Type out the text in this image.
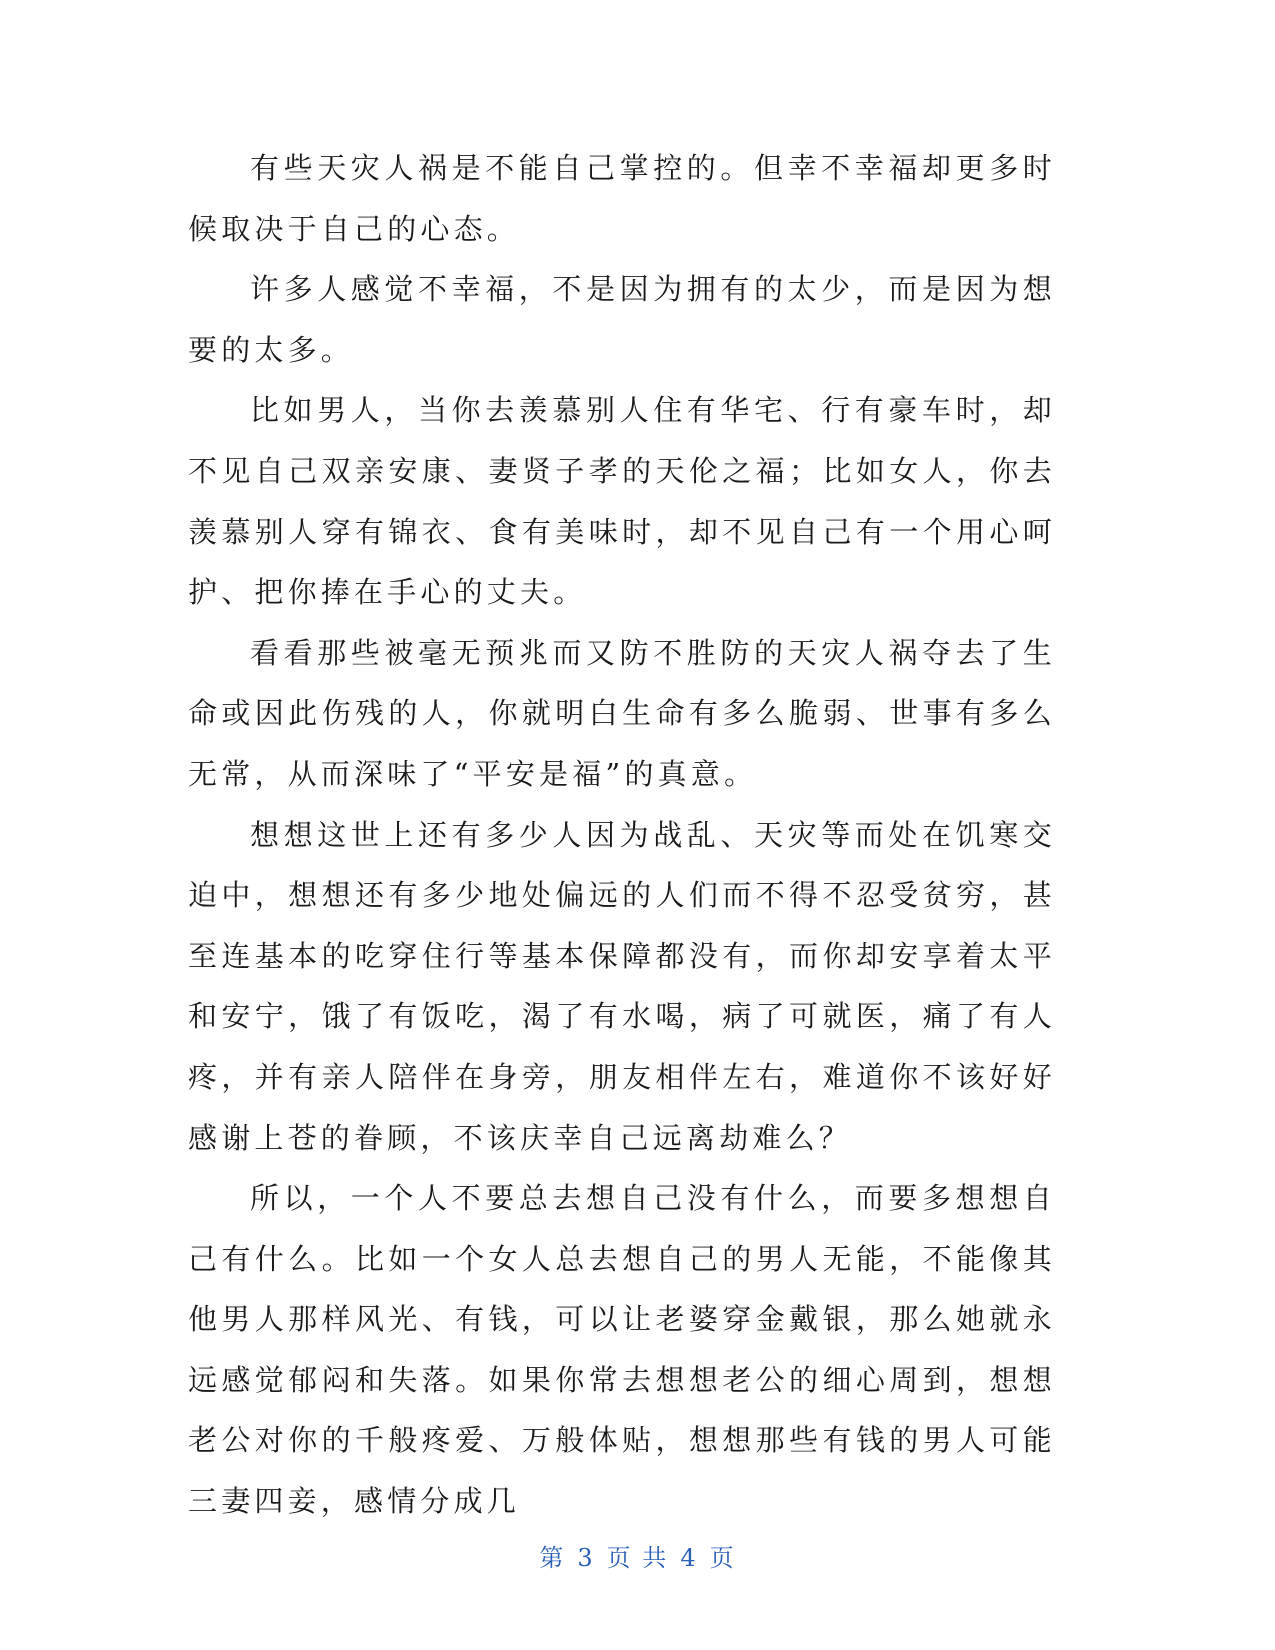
有些天灾人祸是不能自己掌控的。但幸不幸福却更多时候取决于自己的心态。

许多人感觉不幸福，不是因为拥有的太少，而是因为想要的太多。

比如男人，当你去羡慕别人住有华宅、行有豪车时，却不见自己双亲安康、妻贤子孝的天伦之福；比如女人，你去羡慕别人穿有锦衣、食有美味时，却不见自己有一个用心呵护、把你捧在手心的丈夫。

看看那些被毫无预兆而又防不胜防的天灾人祸夺去了生命或因此伤残的人，你就明白生命有多么脆弱、世事有多么无常，从而深味了“平安是福”的真意。

想想这世上还有多少人因为战乱、天灾等而处在饥寒交迫中，想想还有多少地处偏远的人们而不得不忍受贫穷，甚至连基本的吃穿住行等基本保障都没有，而你却安享着太平和安宁，饿了有饭吃，渴了有水喝，病了可就医，痛了有人疼，并有亲人陪伴在身旁，朋友相伴左右，难道你不该好好感谢上苍的眷顾，不该庆幸自己远离劫难么？

所以，一个人不要总去想自己没有什么，而要多想想自己有什么。比如一个女人总去想自己的男人无能，不能像其他男人那样风光、有钱，可以让老婆穿金戴银，那么她就永远感觉郁闷和失落。如果你常去想想老公的细心周到，想想老公对你的千般疼爱、万般体贴，想想那些有钱的男人可能三妻四妾，感情分成几

第 3 页 共 4 页
